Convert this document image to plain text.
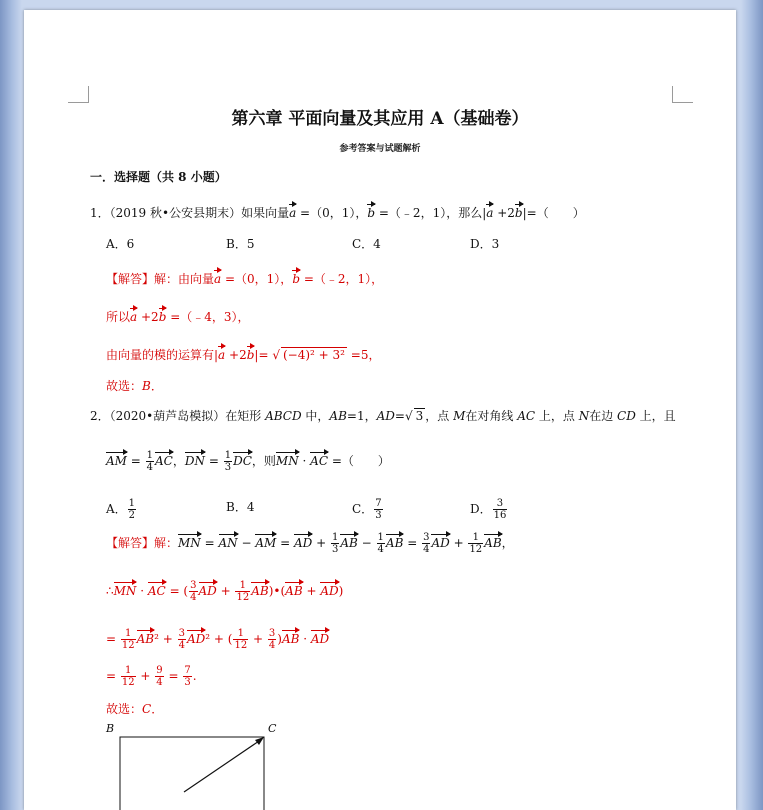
第六章 平面向量及其应用 A（基础卷）
参考答案与试题解析
一．选择题（共 8 小题）
1．（2019 秋•公安县期末）如果向量a =（0，1），b =（﹣2，1），那么|a +2b|=（　　）
A．6	B．5	C．4	D．3
【解答】解：由向量a =（0，1），b =（﹣2，1），
所以a +2b =（﹣4，3），
由向量的模的运算有|a +2b|= √ (−4)² + 3² =5，
故选：B．
2．（2020•葫芦岛模拟）在矩形 ABCD 中，AB=1，AD=√ 3 ，点 M在对角线 AC 上，点 N在边 CD 上，且
AM = $\frac{1}{4}$ AC，DN = $\frac{1}{3}$ DC，则MN · AC =（　　）
A． $\frac{1}{2}$	B．4	C． $\frac{7}{3}$	D． $\frac{3}{16}$
【解答】解：MN = AN − AM = AD + $\frac{1}{3}$ AB − $\frac{1}{4}$ AB = $\frac{3}{4}$ AD + $\frac{1}{12}$ AB，
∴MN · AC = ( $\frac{3}{4}$ AD + $\frac{1}{12}$ AB)•(AB + AD)
= $\frac{1}{12} AB^2 + \frac{3}{4} AD^2$ + ( $\frac{1}{12} + \frac{3}{4} )AB$ · AD
= $\frac{1}{12} + \frac{9}{4} = \frac{7}{3}$ .
故选：C．
B	C
